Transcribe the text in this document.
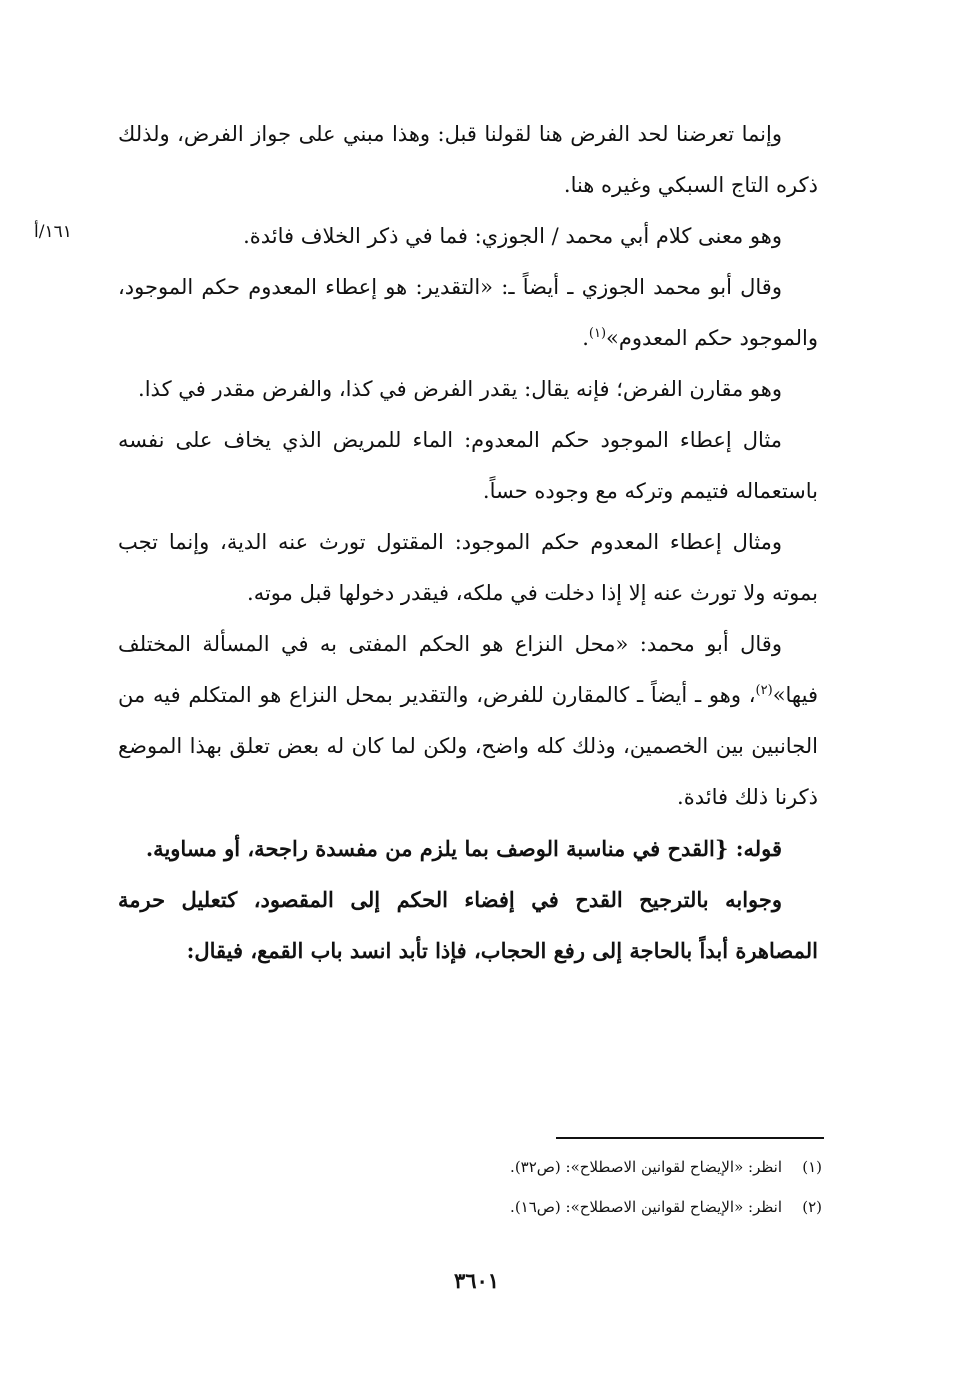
١٦١/أ

وإنما تعرضنا لحد الفرض هنا لقولنا قبل: وهذا مبني على جواز الفرض، ولذلك ذكره التاج السبكي وغيره هنا.

وهو معنى كلام أبي محمد / الجوزي: فما في ذكر الخلاف فائدة.

وقال أبو محمد الجوزي ـ أيضاً ـ: «التقدير: هو إعطاء المعدوم حكم الموجود، والموجود حكم المعدوم»$^{(١)}$.

وهو مقارن الفرض؛ فإنه يقال: يقدر الفرض في كذا، والفرض مقدر في كذا.

مثال إعطاء الموجود حكم المعدوم: الماء للمريض الذي يخاف على نفسه باستعماله فتيمم وتركه مع وجوده حساً.

ومثال إعطاء المعدوم حكم الموجود: المقتول تورث عنه الدية، وإنما تجب بموته ولا تورث عنه إلا إذا دخلت في ملكه، فيقدر دخولها قبل موته.

وقال أبو محمد: «محل النزاع هو الحكم المفتى به في المسألة المختلف فيها»$^{(٢)}$، وهو ـ أيضاً ـ كالمقارن للفرض، والتقدير بمحل النزاع هو المتكلم فيه من الجانبين بين الخصمين، وذلك كله واضح، ولكن لما كان له بعض تعلق بهذا الموضع ذكرنا ذلك فائدة.

قوله: {القدح في مناسبة الوصف بما يلزم من مفسدة راجحة، أو مساوية.

وجوابه بالترجيح القدح في إفضاء الحكم إلى المقصود، كتعليل حرمة المصاهرة أبداً بالحاجة إلى رفع الحجاب، فإذا تأبد انسد باب القمع، فيقال:

(١)
انظر: «الإيضاح لقوانين الاصطلاح»: (ص٣٢).
(٢)
انظر: «الإيضاح لقوانين الاصطلاح»: (ص١٦).
٣٦٠١
